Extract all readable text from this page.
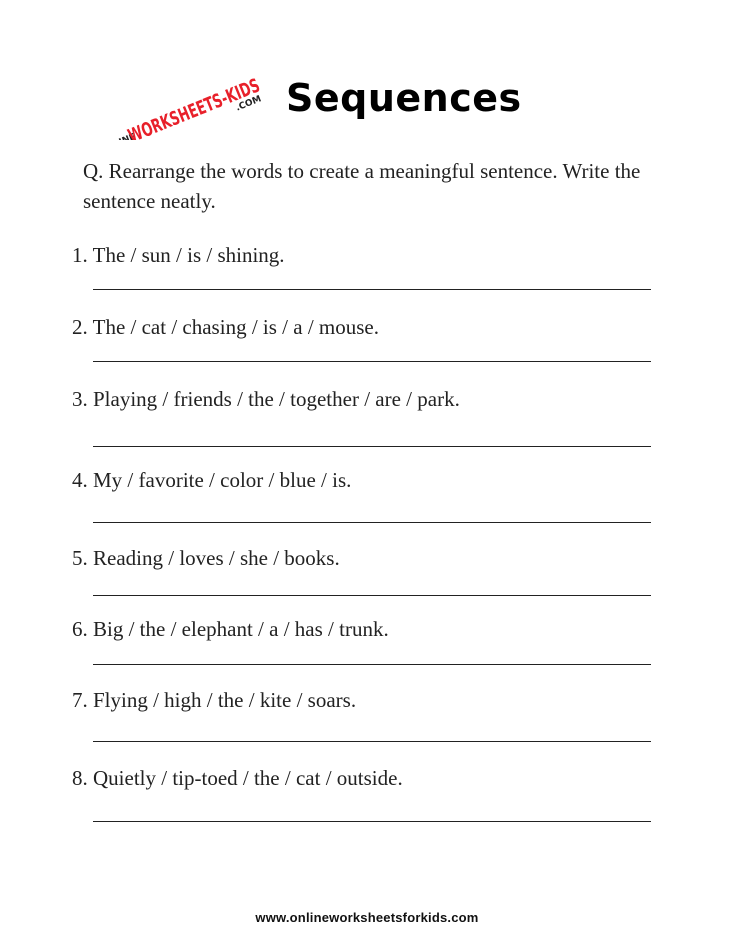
WORKSHEETS-KIDS
.COM Sequences
Q. Rearrange the words to create a meaningful sentence. Write the sentence neatly.
1. The / sun / is / shining.
2. The / cat / chasing / is / a / mouse.
3. Playing / friends / the / together / are / park.
4. My / favorite / color / blue / is.
5. Reading / loves / she / books.
6. Big / the / elephant / a / has / trunk.
7. Flying / high / the / kite / soars.
8. Quietly / tip-toed / the / cat / outside.
www.onlineworksheetsforkids.com
